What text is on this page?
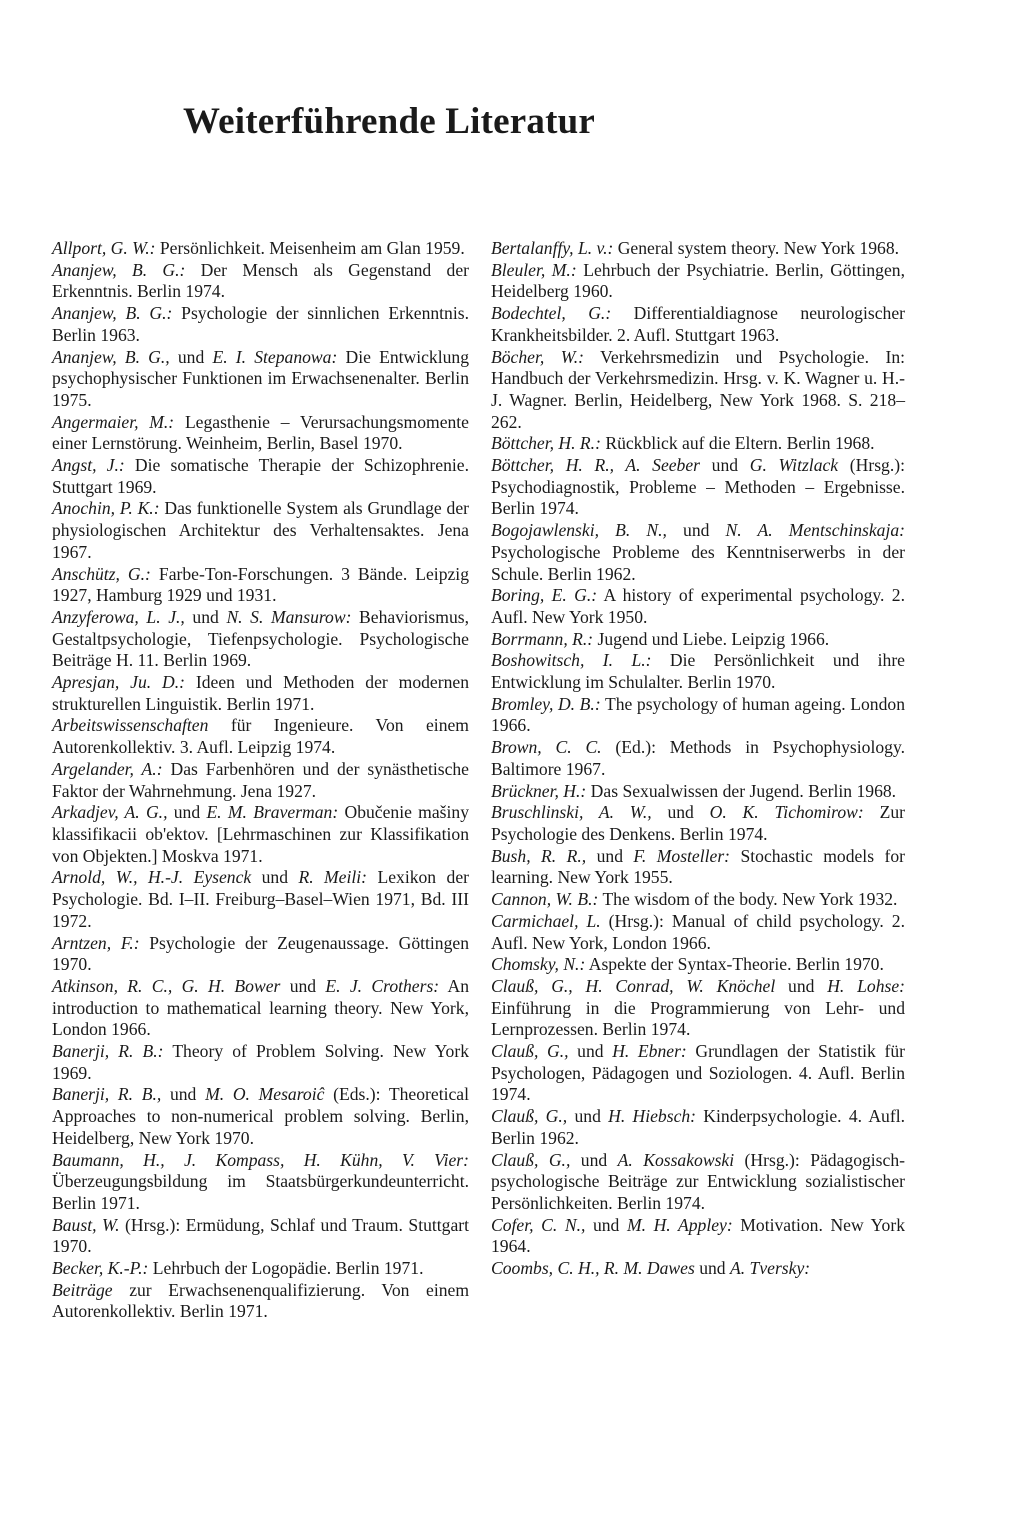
Weiterführende Literatur

Allport, G. W.: Persönlichkeit. Meisenheim am Glan 1959.

Ananjew, B. G.: Der Mensch als Gegenstand der Erkenntnis. Berlin 1974.

Ananjew, B. G.: Psychologie der sinnlichen Erkenntnis. Berlin 1963.

Ananjew, B. G., und E. I. Stepanowa: Die Entwicklung psychophysischer Funktionen im Erwachsenenalter. Berlin 1975.

Angermaier, M.: Legasthenie – Verursachungsmomente einer Lernstörung. Weinheim, Berlin, Basel 1970.

Angst, J.: Die somatische Therapie der Schizophrenie. Stuttgart 1969.

Anochin, P. K.: Das funktionelle System als Grundlage der physiologischen Architektur des Verhaltensaktes. Jena 1967.

Anschütz, G.: Farbe-Ton-Forschungen. 3 Bände. Leipzig 1927, Hamburg 1929 und 1931.

Anzyferowa, L. J., und N. S. Mansurow: Behaviorismus, Gestaltpsychologie, Tiefenpsychologie. Psychologische Beiträge H. 11. Berlin 1969.

Apresjan, Ju. D.: Ideen und Methoden der modernen strukturellen Linguistik. Berlin 1971.

Arbeitswissenschaften für Ingenieure. Von einem Autorenkollektiv. 3. Aufl. Leipzig 1974.

Argelander, A.: Das Farbenhören und der synästhetische Faktor der Wahrnehmung. Jena 1927.

Arkadjev, A. G., und E. M. Braverman: Obučenie mašiny klassifikacii ob'ektov. [Lehrmaschinen zur Klassifikation von Objekten.] Moskva 1971.

Arnold, W., H.-J. Eysenck und R. Meili: Lexikon der Psychologie. Bd. I–II. Freiburg–Basel–Wien 1971, Bd. III 1972.

Arntzen, F.: Psychologie der Zeugenaussage. Göttingen 1970.

Atkinson, R. C., G. H. Bower und E. J. Crothers: An introduction to mathematical learning theory. New York, London 1966.

Banerji, R. B.: Theory of Problem Solving. New York 1969.

Banerji, R. B., und M. O. Mesaroiĉ (Eds.): Theoretical Approaches to non-numerical problem solving. Berlin, Heidelberg, New York 1970.

Baumann, H., J. Kompass, H. Kühn, V. Vier: Überzeugungsbildung im Staatsbürgerkundeunterricht. Berlin 1971.

Baust, W. (Hrsg.): Ermüdung, Schlaf und Traum. Stuttgart 1970.

Becker, K.-P.: Lehrbuch der Logopädie. Berlin 1971.

Beiträge zur Erwachsenenqualifizierung. Von einem Autorenkollektiv. Berlin 1971.

Bertalanffy, L. v.: General system theory. New York 1968.

Bleuler, M.: Lehrbuch der Psychiatrie. Berlin, Göttingen, Heidelberg 1960.

Bodechtel, G.: Differentialdiagnose neurologischer Krankheitsbilder. 2. Aufl. Stuttgart 1963.

Böcher, W.: Verkehrsmedizin und Psychologie. In: Handbuch der Verkehrsmedizin. Hrsg. v. K. Wagner u. H.-J. Wagner. Berlin, Heidelberg, New York 1968. S. 218–262.

Böttcher, H. R.: Rückblick auf die Eltern. Berlin 1968.

Böttcher, H. R., A. Seeber und G. Witzlack (Hrsg.): Psychodiagnostik, Probleme – Methoden – Ergebnisse. Berlin 1974.

Bogojawlenski, B. N., und N. A. Mentschinskaja: Psychologische Probleme des Kenntniserwerbs in der Schule. Berlin 1962.

Boring, E. G.: A history of experimental psychology. 2. Aufl. New York 1950.

Borrmann, R.: Jugend und Liebe. Leipzig 1966.

Boshowitsch, I. L.: Die Persönlichkeit und ihre Entwicklung im Schulalter. Berlin 1970.

Bromley, D. B.: The psychology of human ageing. London 1966.

Brown, C. C. (Ed.): Methods in Psychophysiology. Baltimore 1967.

Brückner, H.: Das Sexualwissen der Jugend. Berlin 1968.

Bruschlinski, A. W., und O. K. Tichomirow: Zur Psychologie des Denkens. Berlin 1974.

Bush, R. R., und F. Mosteller: Stochastic models for learning. New York 1955.

Cannon, W. B.: The wisdom of the body. New York 1932.

Carmichael, L. (Hrsg.): Manual of child psychology. 2. Aufl. New York, London 1966.

Chomsky, N.: Aspekte der Syntax-Theorie. Berlin 1970.

Clauß, G., H. Conrad, W. Knöchel und H. Lohse: Einführung in die Programmierung von Lehr- und Lernprozessen. Berlin 1974.

Clauß, G., und H. Ebner: Grundlagen der Statistik für Psychologen, Pädagogen und Soziologen. 4. Aufl. Berlin 1974.

Clauß, G., und H. Hiebsch: Kinderpsychologie. 4. Aufl. Berlin 1962.

Clauß, G., und A. Kossakowski (Hrsg.): Pädagogisch-psychologische Beiträge zur Entwicklung sozialistischer Persönlichkeiten. Berlin 1974.

Cofer, C. N., und M. H. Appley: Motivation. New York 1964.

Coombs, C. H., R. M. Dawes und A. Tversky:
